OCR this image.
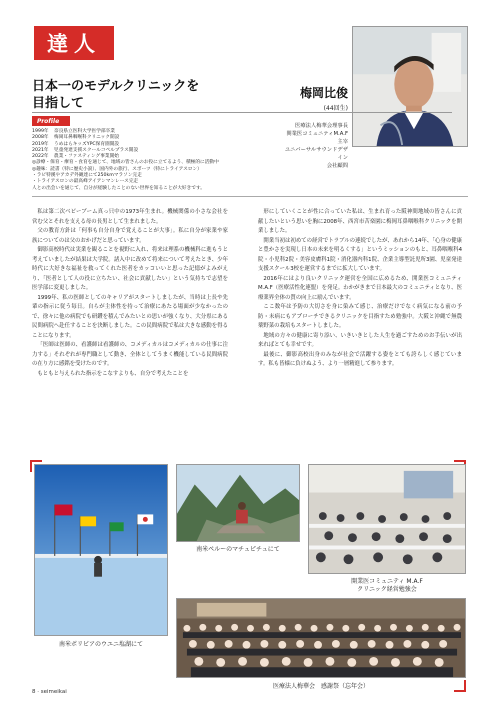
達人
日本一のモデルクリニックを
目指して
梅岡比俊
(44回生)
医療法人梅華会理事長
関業医コミュニティM.A.F主宰
ユニバーサルサウンドデザイン
会社顧問
Profile
1999年	奈良県立医科大学医学部卒業
2008年	梅岡耳鼻咽喉科クリニック開設
2019年	うめはらキッズYPC保育園開設
2021年	児童発達支援スクールコペルプラス開設
2022年	農業・ファスティング事業開始
◎診療・保育・療育・食育を通じて、地域の皆さんのお役に立てるよう、積極的に活動中
◎趣味：読書（特に歴史小説）、国内外の旅行、スポーツ（特にトライアスロン）
・ラピ特漢やアカデ外観達にて250kmマラソン完走
・トライアスロンの最高峰アイアンマンレース完走
人との出会いを通じて、自分が経験したことのない世界を知ることが大好きです。

私は第二次ベビーブーム真っ只中の1973年生まれ。機械関係の小さな会社を営む父とそれを支える母の長男として生まれました。

父の教育方針は「何事も自分自身で覚えることが大事」。私に自分が家業や家族についてのは父のおかげだと思っています。

御影高校時代は実業を観ることを視野に入れ、将来は理系の機械科に進もうと考えていましたが結果は大学院。諸入中に改めて将来について考えたとき、少年時代に大好きな福祉を救ってくれた医者をカッコいいと思った記憶がよみがえり、「医者として人の役に立ちたい、社会に貢献したい」という気持ちで志望を医学部に変更しました。

1999年、私の医師としてのキャリアがスタートしましたが、当時は上長や先輩の指示に従う毎日。自らが主体性を持って治療にあたる場面が少なかったので、徐々に他の病院でも研鑽を積んでみたいとの思いが強くなり、大分県にある民間病院へ赴任することを決断しました。この民間病院で私は大きな感動を得ることになります。

「医師は医師の、看護師は看護師の、コメディカルはコメディカルの仕事に注力する」それぞれが専門職として動き、全体としてうまく機能している民間病院の在り方に感銘を受けたのです。

もともと与えられた指示をこなすよりも、自分で考えたことを

形にしていくことが性に合っていた私は、生まれ育った阪神間地域の皆さんに貢献したいという思いを胸に2008年、西宮市苦楽園に梅岡耳鼻咽喉科クリニックを開業しました。

開業当初は初めての経営でトラブルの連続でしたが、あれから14年、「心身の健康と豊かさを実現し日本の未来を明るくする」というミッションのもと、耳鼻咽喉科4院・小児科2院・美容皮膚科1院・消化器内科1院、企業主導型託児所3園、児童発達支援スクール3校を運営するまでに拡大しています。

2016年にはより良いクリニック運営を全国に広めるため、開業医コミュニティM.A.F（医療活性化連盟）を発足。わかがきまで日本最大のコミュニティとなり、医療業界全体の質の向上に励んでいます。

ここ数年は予防の大切さを身に染みて感じ、治療だけでなく病気になる前の予防・未病にもアプローチできるクリニックを目指すため勉強中。大阪と沖縄で無農薬野菜の栽培もスタートしました。

地域の方々の健康に寄り添い、いきいきとした人生を過ごすためのお手伝いが出来ればとても幸せです。

最後に、御影高校出身のみなが社会で活躍する姿をとても誇らしく感じています。私も皆様に負けぬよう、より一層精進して参ります。

南米ボリビアのウユニ塩湖にて
南米ペルーのマチュピチュにて
開業医コミュニティ M.A.F
クリニック経営勉強会
医療法人梅華会　感謝祭（忘年会）
8 · seimeikai
